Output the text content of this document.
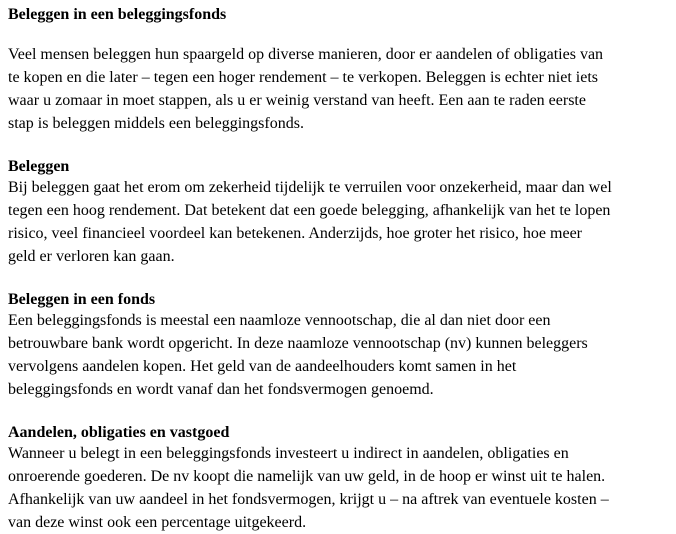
Beleggen in een beleggingsfonds

Veel mensen beleggen hun spaargeld op diverse manieren, door er aandelen of obligaties van
te kopen en die later – tegen een hoger rendement – te verkopen. Beleggen is echter niet iets
waar u zomaar in moet stappen, als u er weinig verstand van heeft. Een aan te raden eerste
stap is beleggen middels een beleggingsfonds.

Beleggen

Bij beleggen gaat het erom om zekerheid tijdelijk te verruilen voor onzekerheid, maar dan wel
tegen een hoog rendement. Dat betekent dat een goede belegging, afhankelijk van het te lopen
risico, veel financieel voordeel kan betekenen. Anderzijds, hoe groter het risico, hoe meer
geld er verloren kan gaan.

Beleggen in een fonds

Een beleggingsfonds is meestal een naamloze vennootschap, die al dan niet door een
betrouwbare bank wordt opgericht. In deze naamloze vennootschap (nv) kunnen beleggers
vervolgens aandelen kopen. Het geld van de aandeelhouders komt samen in het
beleggingsfonds en wordt vanaf dan het fondsvermogen genoemd.

Aandelen, obligaties en vastgoed

Wanneer u belegt in een beleggingsfonds investeert u indirect in aandelen, obligaties en
onroerende goederen. De nv koopt die namelijk van uw geld, in de hoop er winst uit te halen.
Afhankelijk van uw aandeel in het fondsvermogen, krijgt u – na aftrek van eventuele kosten –
van deze winst ook een percentage uitgekeerd.
